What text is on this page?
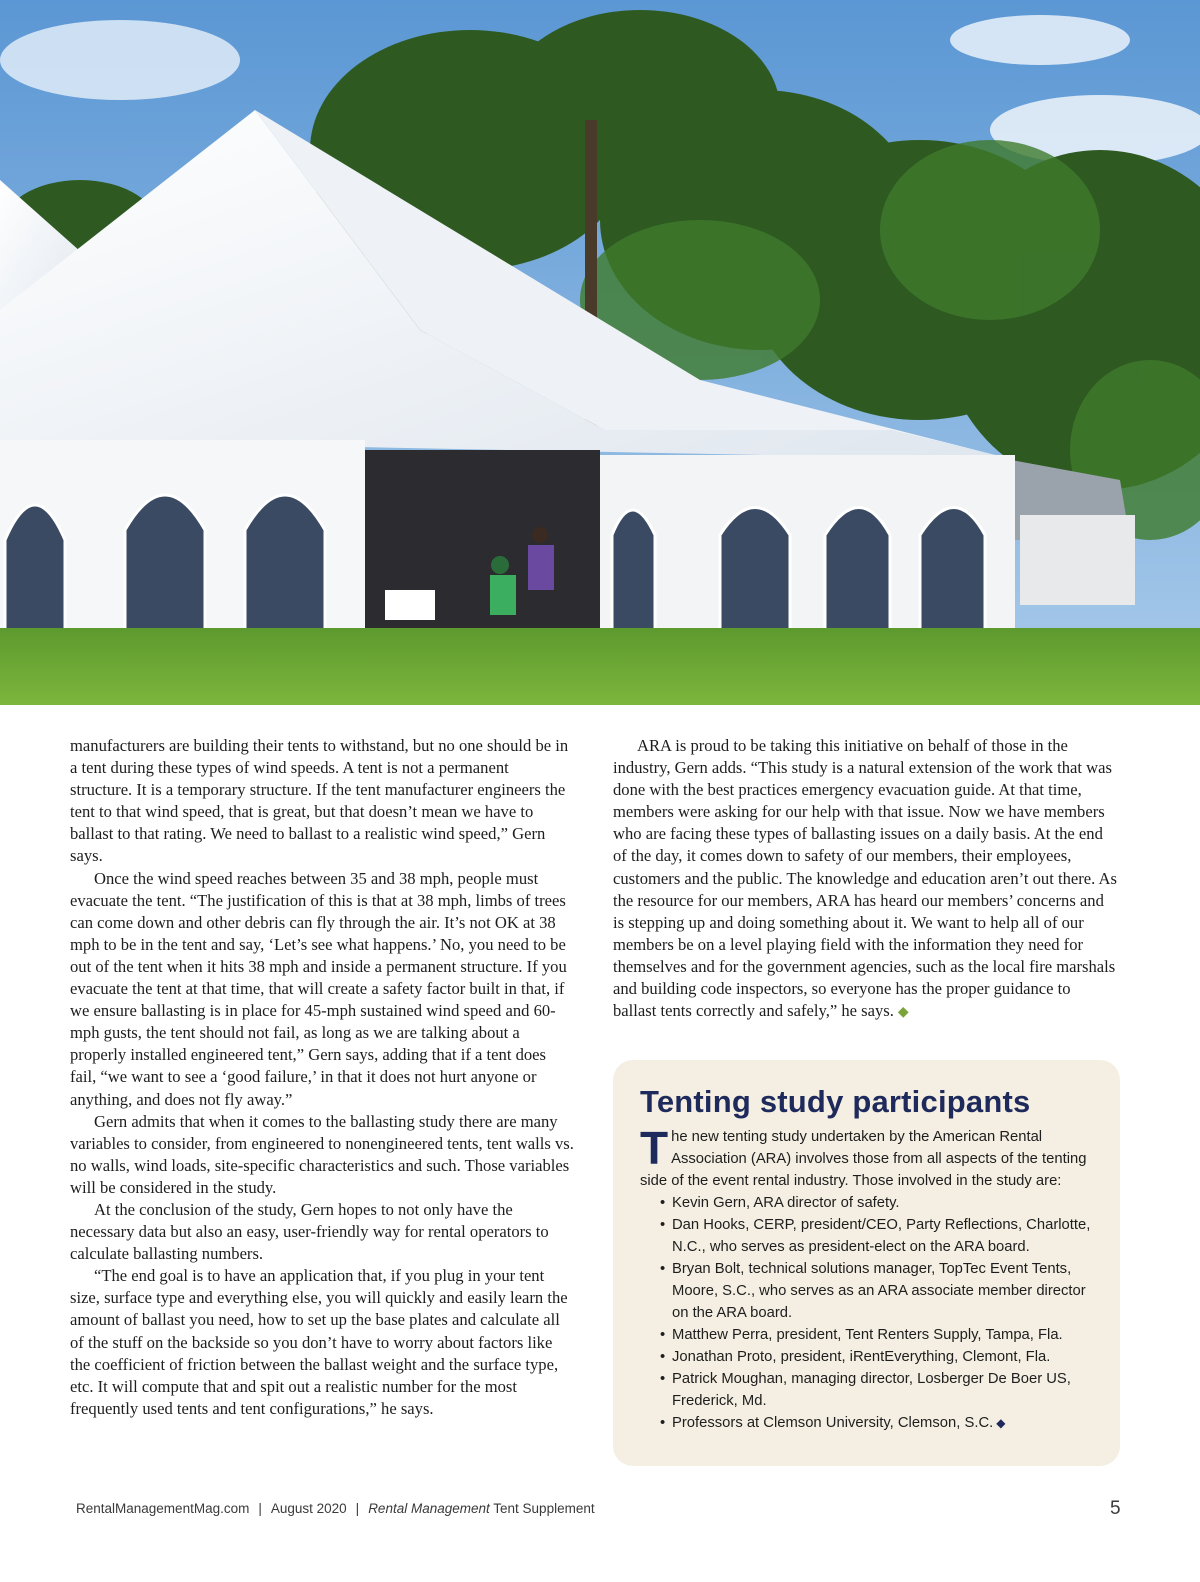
manufacturers are building their tents to withstand, but no one should be in a tent during these types of wind speeds. A tent is not a permanent structure. It is a temporary structure. If the tent manufacturer engineers the tent to that wind speed, that is great, but that doesn’t mean we have to ballast to that rating. We need to ballast to a realistic wind speed,” Gern says.

Once the wind speed reaches between 35 and 38 mph, people must evacuate the tent. “The justification of this is that at 38 mph, limbs of trees can come down and other debris can fly through the air. It’s not OK at 38 mph to be in the tent and say, ‘Let’s see what happens.’ No, you need to be out of the tent when it hits 38 mph and inside a permanent structure. If you evacuate the tent at that time, that will create a safety factor built in that, if we ensure ballasting is in place for 45-mph sustained wind speed and 60-mph gusts, the tent should not fail, as long as we are talking about a properly installed engineered tent,” Gern says, adding that if a tent does fail, “we want to see a ‘good failure,’ in that it does not hurt anyone or anything, and does not fly away.”

Gern admits that when it comes to the ballasting study there are many variables to consider, from engineered to nonengineered tents, tent walls vs. no walls, wind loads, site-specific characteristics and such. Those variables will be considered in the study.

At the conclusion of the study, Gern hopes to not only have the necessary data but also an easy, user-friendly way for rental operators to calculate ballasting numbers.

“The end goal is to have an application that, if you plug in your tent size, surface type and everything else, you will quickly and easily learn the amount of ballast you need, how to set up the base plates and calculate all of the stuff on the backside so you don’t have to worry about factors like the coefficient of friction between the ballast weight and the surface type, etc. It will compute that and spit out a realistic number for the most frequently used tents and tent configurations,” he says.

ARA is proud to be taking this initiative on behalf of those in the industry, Gern adds. “This study is a natural extension of the work that was done with the best practices emergency evacuation guide. At that time, members were asking for our help with that issue. Now we have members who are facing these types of ballasting issues on a daily basis. At the end of the day, it comes down to safety of our members, their employees, customers and the public. The knowledge and education aren’t out there. As the resource for our members, ARA has heard our members’ concerns and is stepping up and doing something about it. We want to help all of our members be on a level playing field with the information they need for themselves and for the government agencies, such as the local fire marshals and building code inspectors, so everyone has the proper guidance to ballast tents correctly and safely,” he says. ◆

Tenting study participants

The new tenting study undertaken by the American Rental Association (ARA) involves those from all aspects of the tenting side of the event rental industry. Those involved in the study are:

• Kevin Gern, ARA director of safety.
• Dan Hooks, CERP, president/CEO, Party Reflections, Charlotte, N.C., who serves as president-elect on the ARA board.
• Bryan Bolt, technical solutions manager, TopTec Event Tents, Moore, S.C., who serves as an ARA associate member director on the ARA board.
• Matthew Perra, president, Tent Renters Supply, Tampa, Fla.
• Jonathan Proto, president, iRentEverything, Clemont, Fla.
• Patrick Moughan, managing director, Losberger De Boer US, Frederick, Md.
• Professors at Clemson University, Clemson, S.C. ◆
RentalManagementMag.com | August 2020 | Rental Management Tent Supplement	5
